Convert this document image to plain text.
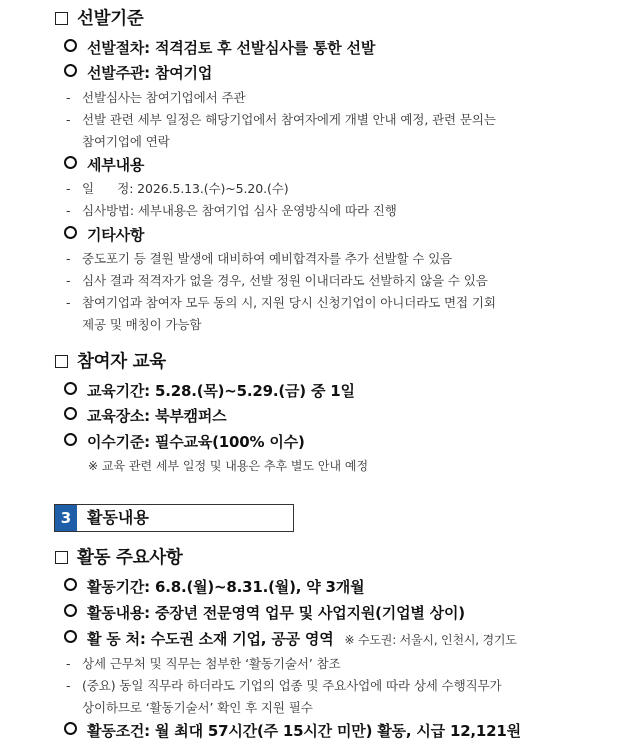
선발기준
선발절차: 적격검토 후 선발심사를 통한 선발
선발주관: 참여기업
- 선발심사는 참여기업에서 주관
- 선발 관련 세부 일정은 해당기업에서 참여자에게 개별 안내 예정, 관련 문의는
참여기업에 연락
세부내용
- 일      정: 2026.5.13.(수)~5.20.(수)
- 심사방법: 세부내용은 참여기업 심사 운영방식에 따라 진행
기타사항
- 중도포기 등 결원 발생에 대비하여 예비합격자를 추가 선발할 수 있음
- 심사 결과 적격자가 없을 경우, 선발 정원 이내더라도 선발하지 않을 수 있음
- 참여기업과 참여자 모두 동의 시, 지원 당시 신청기업이 아니더라도 면접 기회
제공 및 매칭이 가능함
참여자 교육
교육기간: 5.28.(목)~5.29.(금) 중 1일
교육장소: 북부캠퍼스
이수기준: 필수교육(100% 이수)
※ 교육 관련 세부 일정 및 내용은 추후 별도 안내 예정
3 활동내용
활동 주요사항
활동기간: 6.8.(월)~8.31.(월), 약 3개월
활동내용: 중장년 전문영역 업무 및 사업지원(기업별 상이)
활 동 처: 수도권 소재 기업, 공공 영역 ※ 수도권: 서울시, 인천시, 경기도
- 상세 근무처 및 직무는 첨부한 ‘활동기술서’ 참조
- (중요) 동일 직무라 하더라도 기업의 업종 및 주요사업에 따라 상세 수행직무가
상이하므로 ‘활동기술서’ 확인 후 지원 필수
활동조건: 월 최대 57시간(주 15시간 미만) 활동, 시급 12,121원
